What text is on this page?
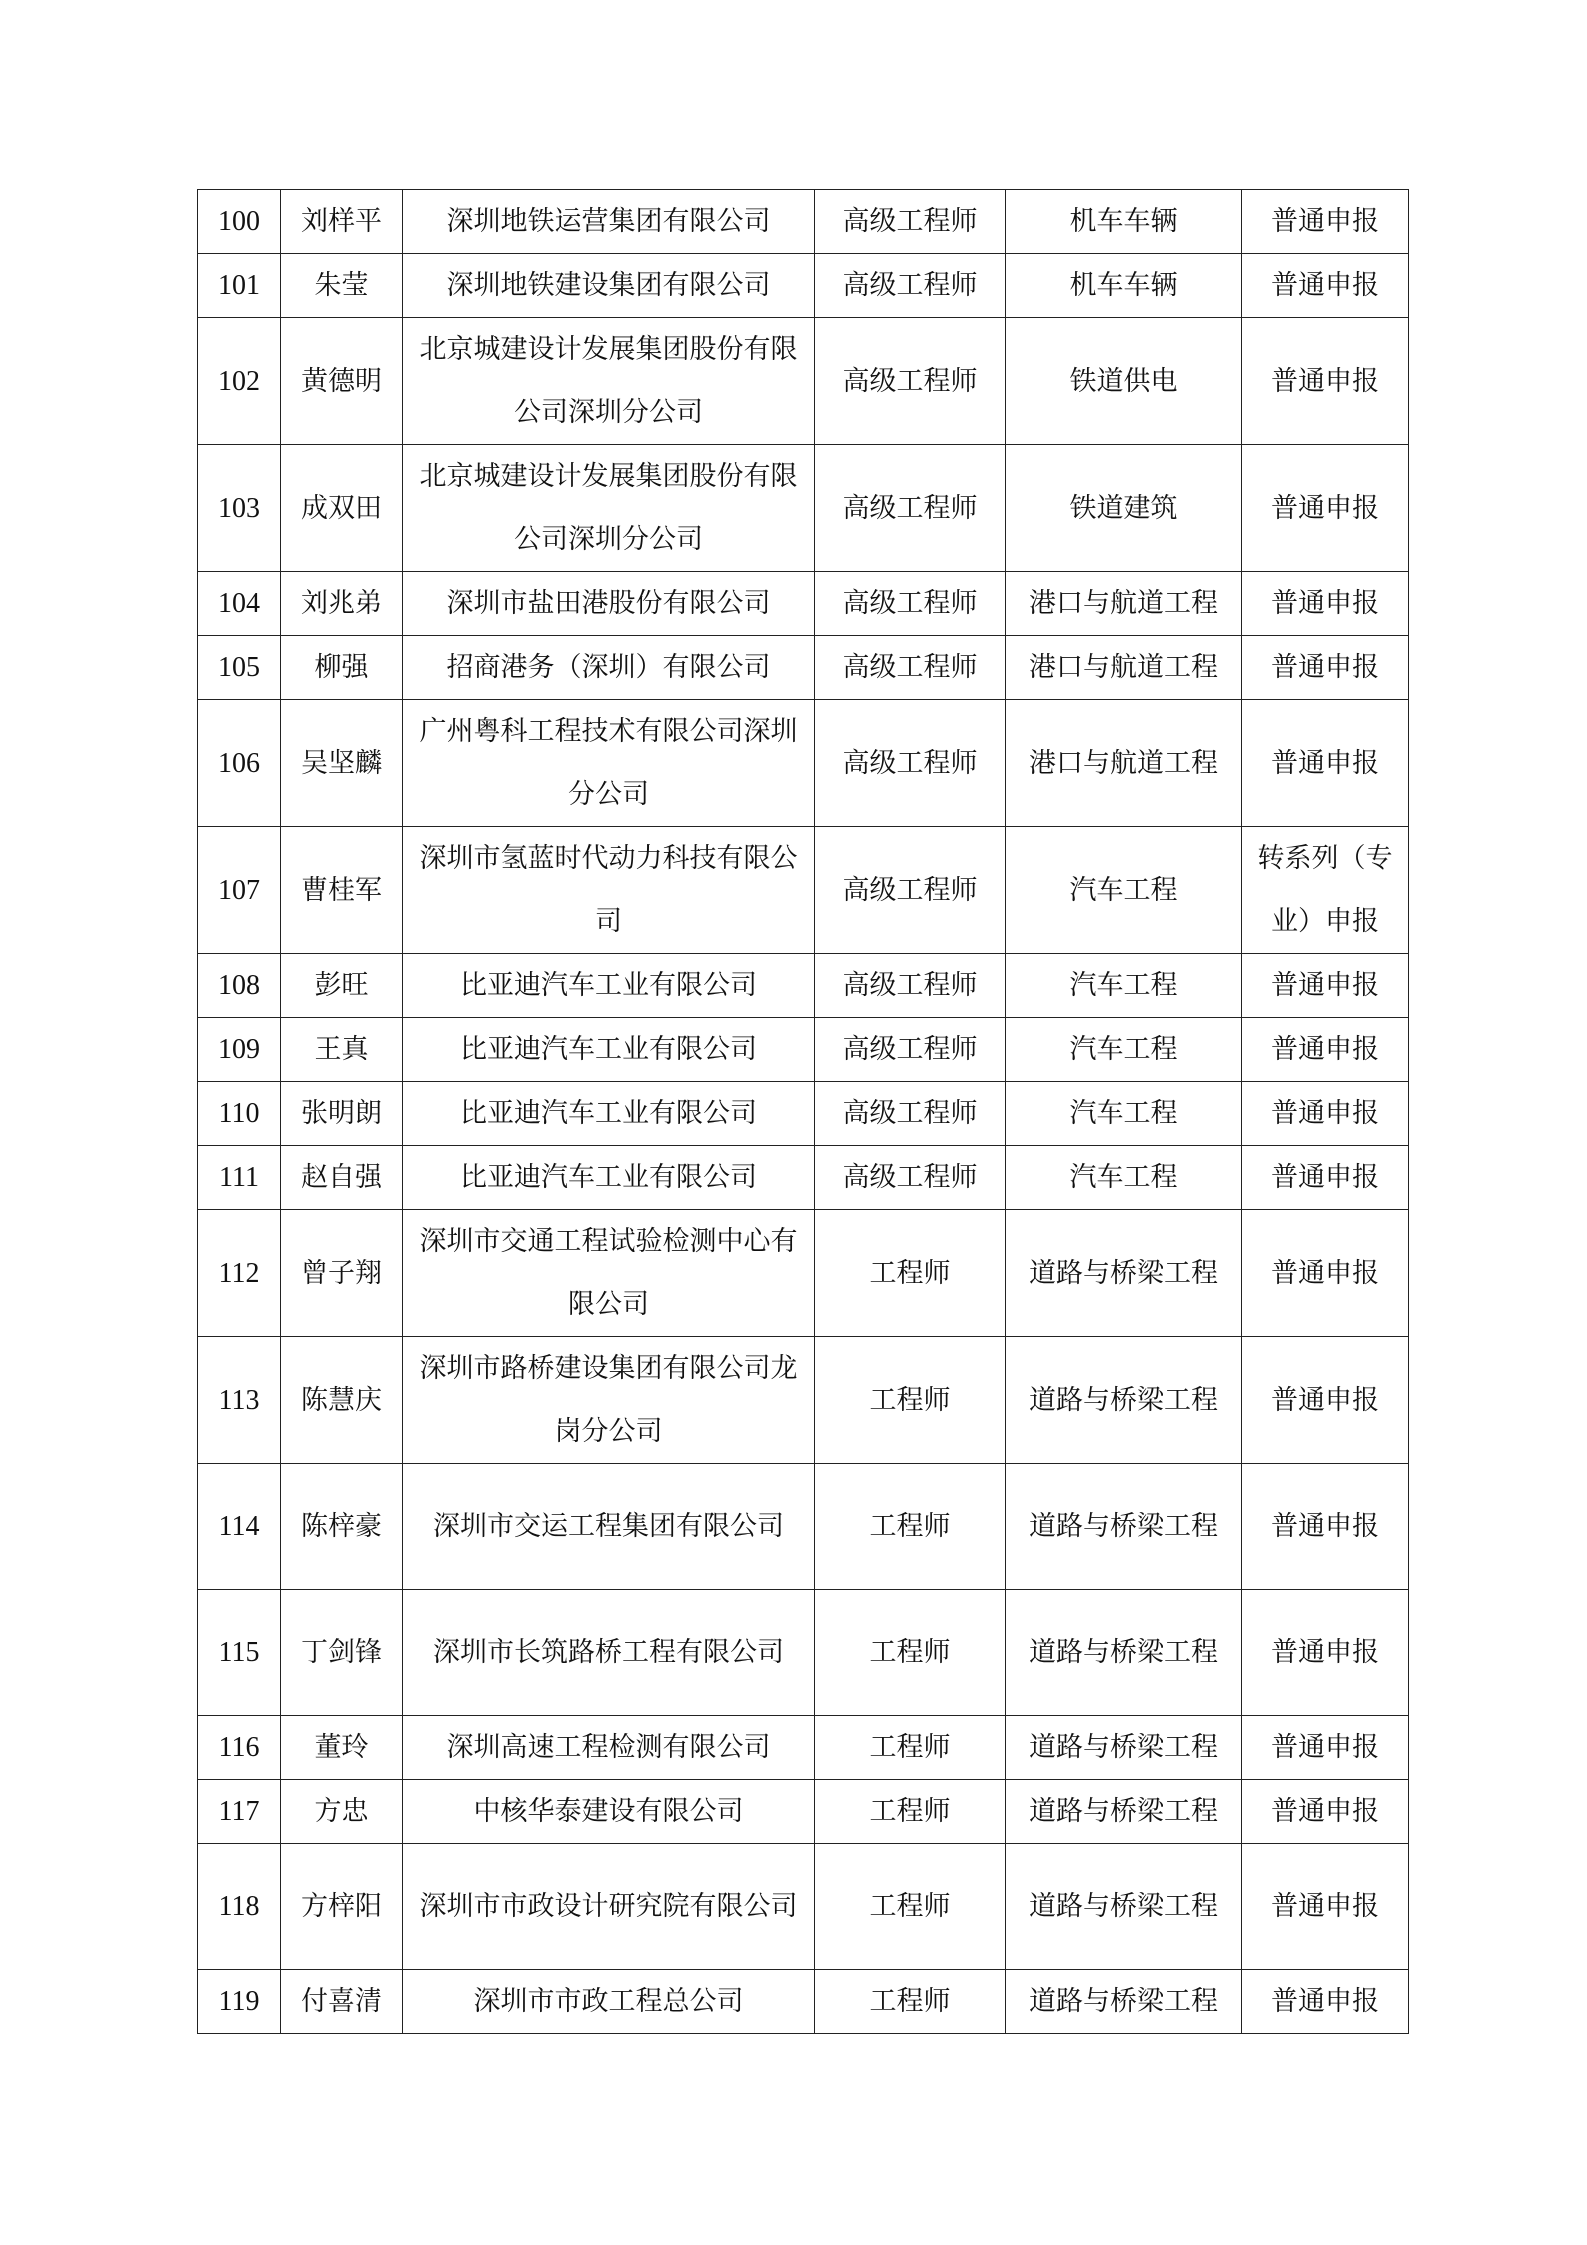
100	刘样平	深圳地铁运营集团有限公司	高级工程师	机车车辆	普通申报
101	朱莹	深圳地铁建设集团有限公司	高级工程师	机车车辆	普通申报
102	黄德明	北京城建设计发展集团股份有限公司深圳分公司	高级工程师	铁道供电	普通申报
103	成双田	北京城建设计发展集团股份有限公司深圳分公司	高级工程师	铁道建筑	普通申报
104	刘兆弟	深圳市盐田港股份有限公司	高级工程师	港口与航道工程	普通申报
105	柳强	招商港务（深圳）有限公司	高级工程师	港口与航道工程	普通申报
106	吴坚麟	广州粤科工程技术有限公司深圳分公司	高级工程师	港口与航道工程	普通申报
107	曹桂军	深圳市氢蓝时代动力科技有限公司	高级工程师	汽车工程	转系列（专业）申报
108	彭旺	比亚迪汽车工业有限公司	高级工程师	汽车工程	普通申报
109	王真	比亚迪汽车工业有限公司	高级工程师	汽车工程	普通申报
110	张明朗	比亚迪汽车工业有限公司	高级工程师	汽车工程	普通申报
111	赵自强	比亚迪汽车工业有限公司	高级工程师	汽车工程	普通申报
112	曾子翔	深圳市交通工程试验检测中心有限公司	工程师	道路与桥梁工程	普通申报
113	陈慧庆	深圳市路桥建设集团有限公司龙岗分公司	工程师	道路与桥梁工程	普通申报
114	陈梓豪	深圳市交运工程集团有限公司	工程师	道路与桥梁工程	普通申报
115	丁剑锋	深圳市长筑路桥工程有限公司	工程师	道路与桥梁工程	普通申报
116	董玲	深圳高速工程检测有限公司	工程师	道路与桥梁工程	普通申报
117	方忠	中核华泰建设有限公司	工程师	道路与桥梁工程	普通申报
118	方梓阳	深圳市市政设计研究院有限公司	工程师	道路与桥梁工程	普通申报
119	付喜清	深圳市市政工程总公司	工程师	道路与桥梁工程	普通申报
